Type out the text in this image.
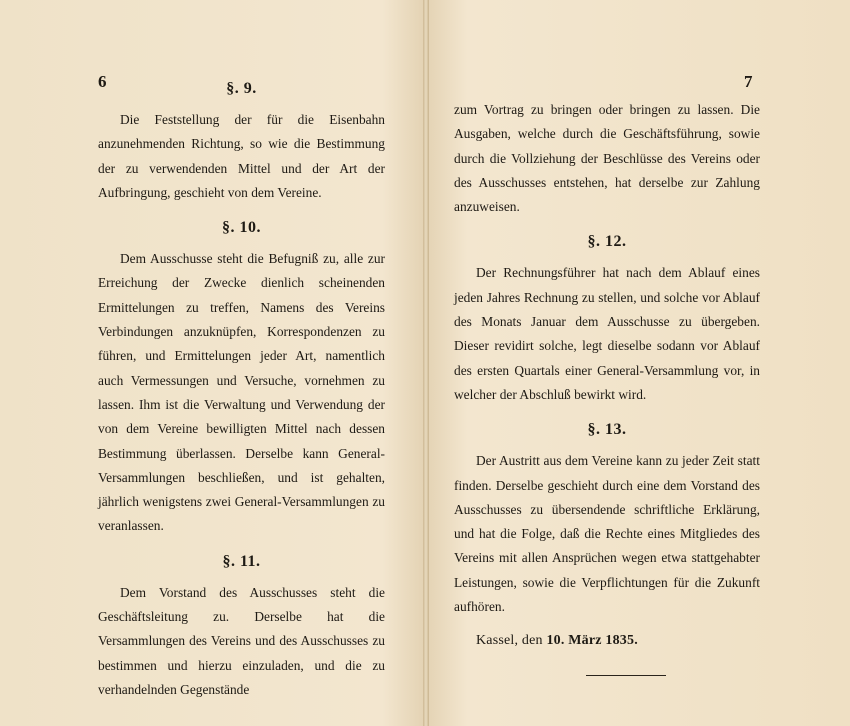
6	7
§. 9.

Die Feststellung der für die Eisenbahn anzunehmenden Richtung, so wie die Bestimmung der zu verwendenden Mittel und der Art der Aufbringung, geschieht von dem Vereine.

§. 10.

Dem Ausschusse steht die Befugniß zu, alle zur Erreichung der Zwecke dienlich scheinenden Ermittelungen zu treffen, Namens des Vereins Verbindungen anzuknüpfen, Korrespondenzen zu führen, und Ermittelungen jeder Art, namentlich auch Vermessungen und Versuche, vornehmen zu lassen. Ihm ist die Verwaltung und Verwendung der von dem Vereine bewilligten Mittel nach dessen Bestimmung überlassen. Derselbe kann General-Versammlungen beschließen, und ist gehalten, jährlich wenigstens zwei General-Versammlungen zu veranlassen.

§. 11.

Dem Vorstand des Ausschusses steht die Geschäftsleitung zu. Derselbe hat die Versammlungen des Vereins und des Ausschusses zu bestimmen und hierzu einzuladen, und die zu verhandelnden Gegenstände

zum Vortrag zu bringen oder bringen zu lassen. Die Ausgaben, welche durch die Geschäftsführung, sowie durch die Vollziehung der Beschlüsse des Vereins oder des Ausschusses entstehen, hat derselbe zur Zahlung anzuweisen.

§. 12.

Der Rechnungsführer hat nach dem Ablauf eines jeden Jahres Rechnung zu stellen, und solche vor Ablauf des Monats Januar dem Ausschusse zu übergeben. Dieser revidirt solche, legt dieselbe sodann vor Ablauf des ersten Quartals einer General-Versammlung vor, in welcher der Abschluß bewirkt wird.

§. 13.

Der Austritt aus dem Vereine kann zu jeder Zeit statt finden. Derselbe geschieht durch eine dem Vorstand des Ausschusses zu übersendende schriftliche Erklärung, und hat die Folge, daß die Rechte eines Mitgliedes des Vereins mit allen Ansprüchen wegen etwa stattgehabter Leistungen, sowie die Verpflichtungen für die Zukunft aufhören.

Kassel, den 10. März 1835.
